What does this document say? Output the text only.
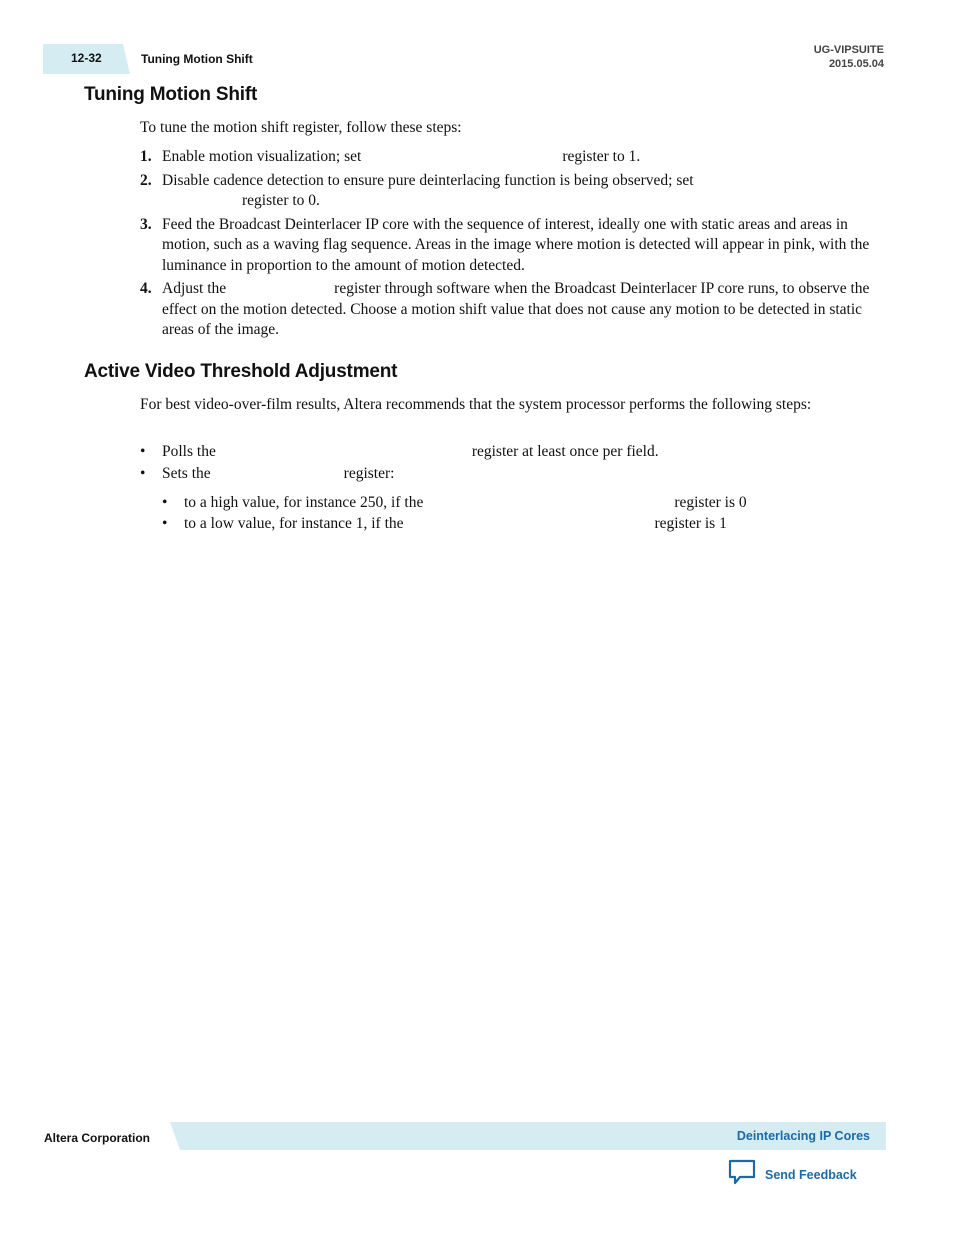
12-32	Tuning Motion Shift
UG-VIPSUITE
2015.05.04
Tuning Motion Shift

To tune the motion shift register, follow these steps:

1. Enable motion visualization; set	register to 1.
2. Disable cadence detection to ensure pure deinterlacing function is being observed; set
register to 0.
3. Feed the Broadcast Deinterlacer IP core with the sequence of interest, ideally one with static areas and areas in motion, such as a waving flag sequence. Areas in the image where motion is detected will appear in pink, with the luminance in proportion to the amount of motion detected.
4. Adjust the	register through software when the Broadcast Deinterlacer IP core runs, to observe the effect on the motion detected. Choose a motion shift value that does not cause any motion to be detected in static areas of the image.
Active Video Threshold Adjustment

For best video-over-film results, Altera recommends that the system processor performs the following steps:

• Polls the	register at least once per field.
• Sets the	register:
• to a high value, for instance 250, if the	register is 0
• to a low value, for instance 1, if the	register is 1
Altera Corporation	Deinterlacing IP Cores
Send Feedback
